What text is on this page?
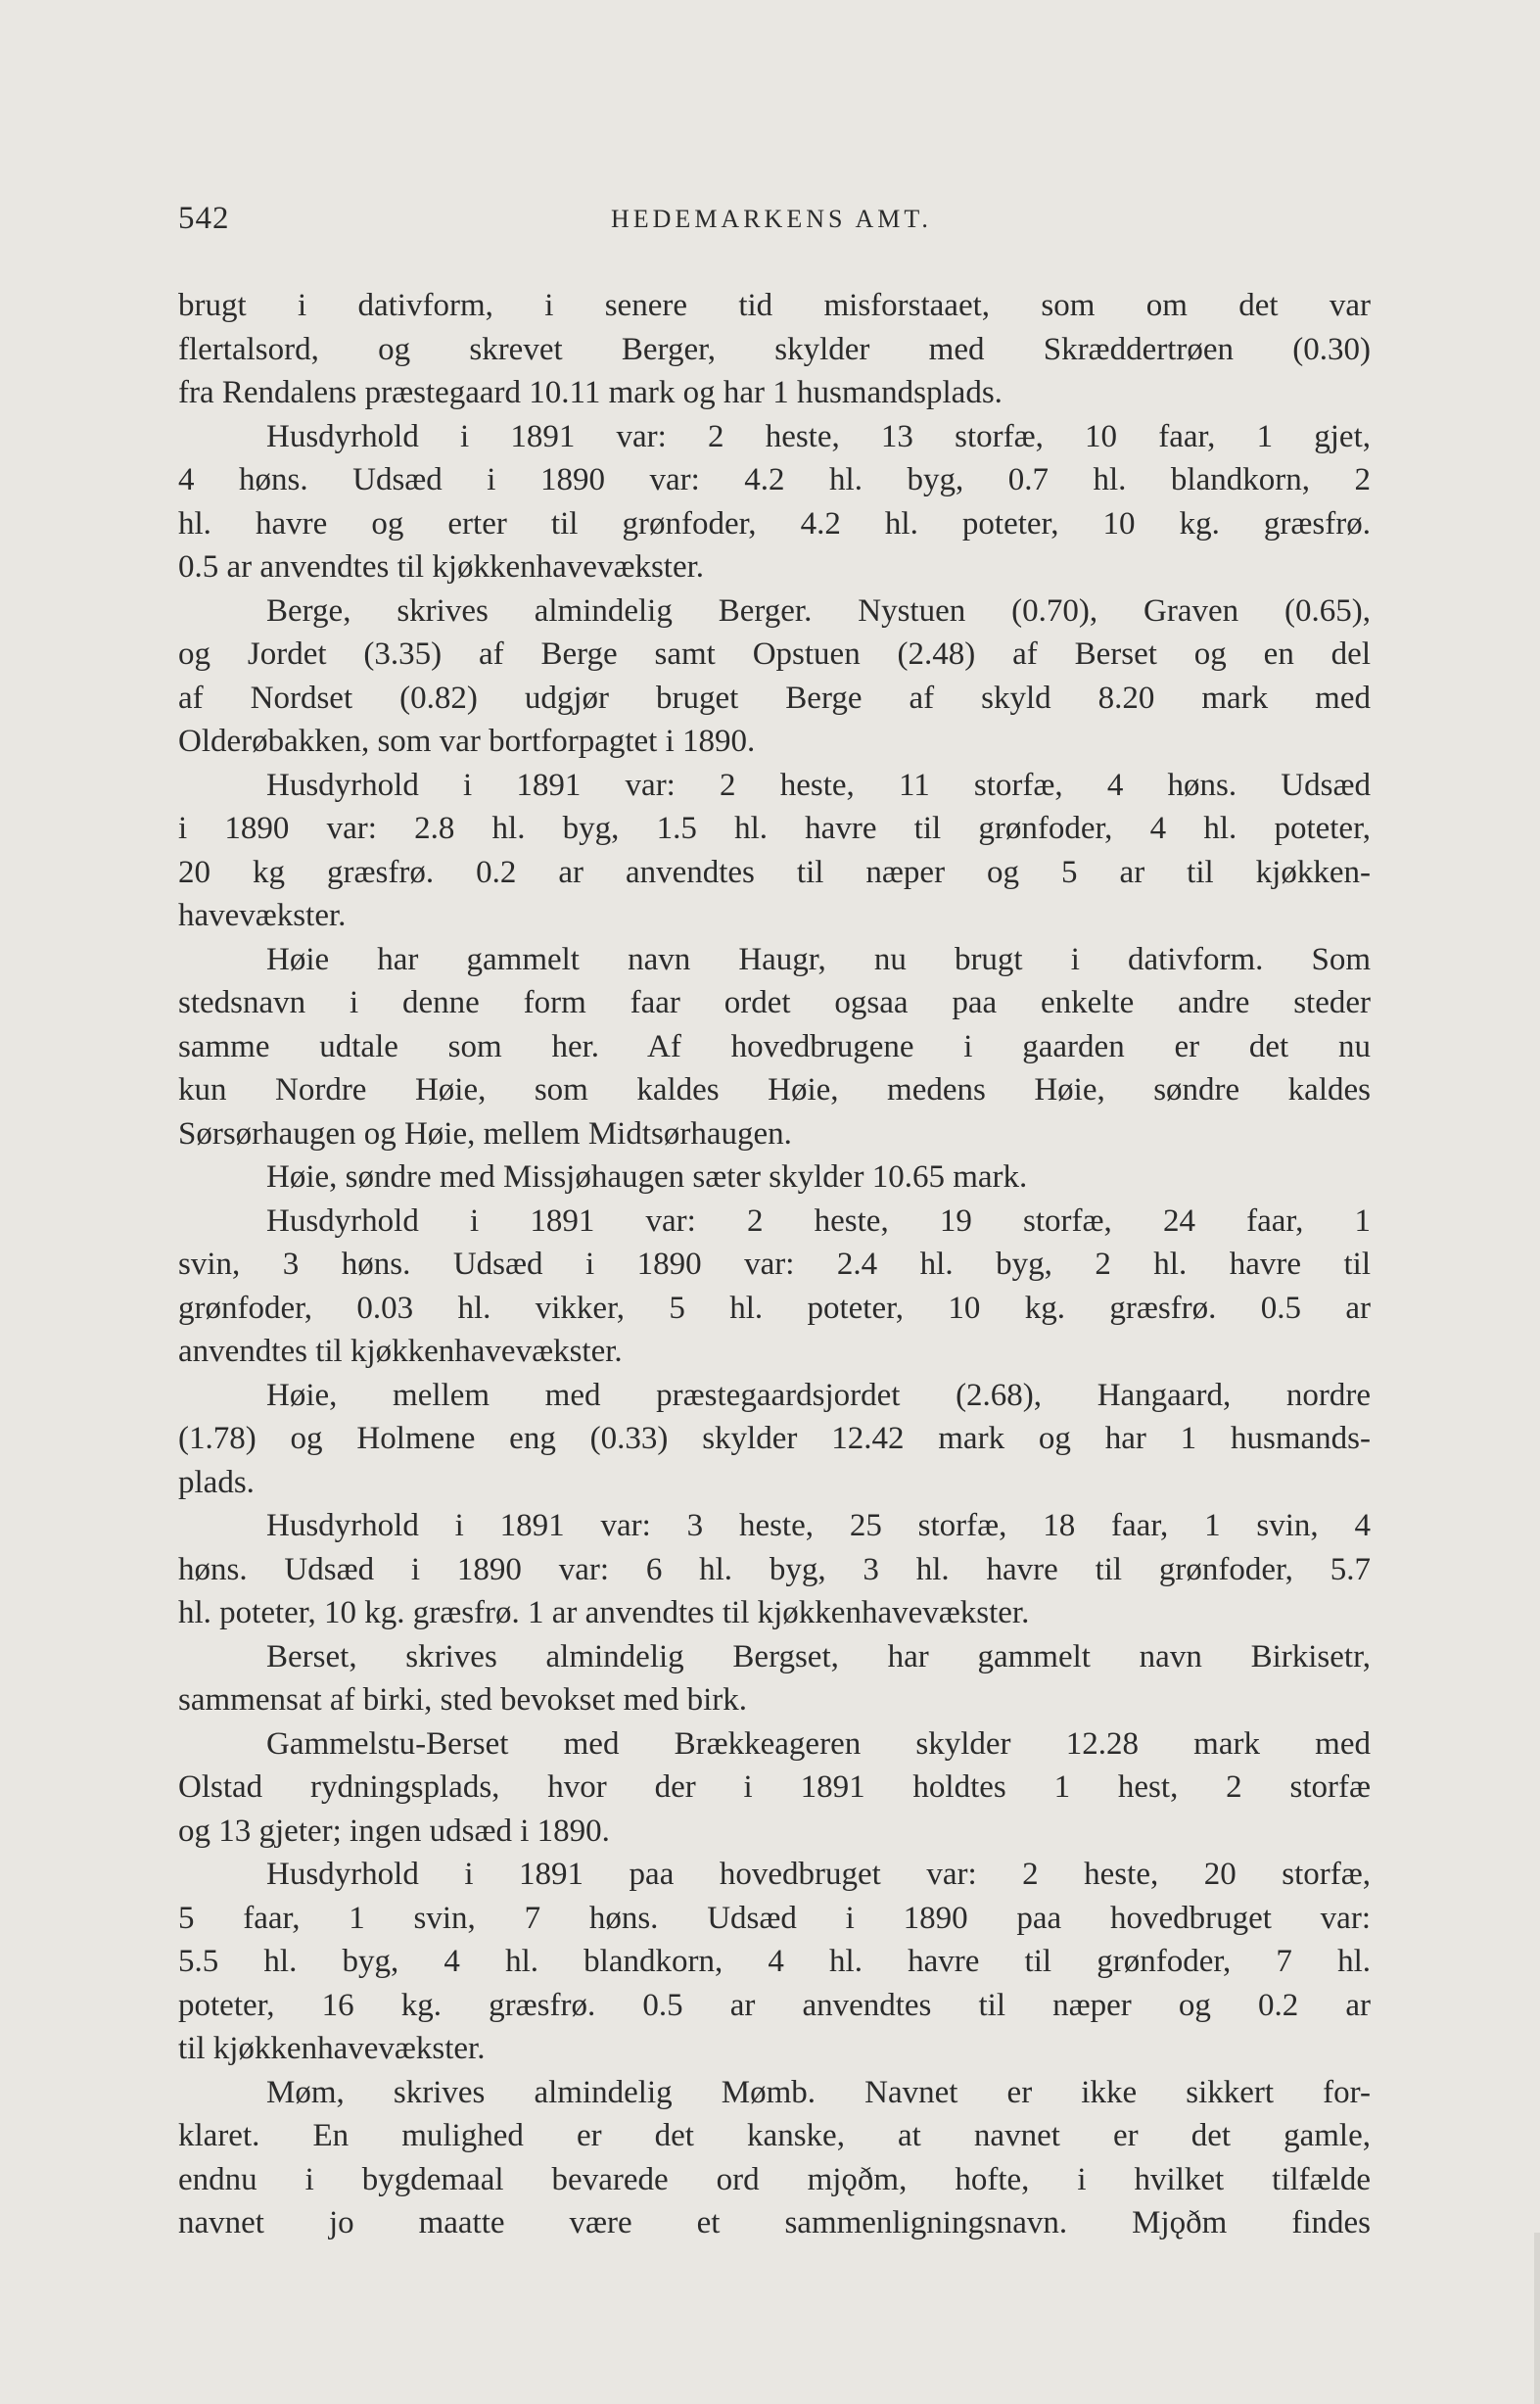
542	HEDEMARKENS AMT.
brugt i dativform, i senere tid misforstaaet, som om det var
flertalsord, og skrevet Berger, skylder med Skræddertrøen (0.30)
fra Rendalens præstegaard 10.11 mark og har 1 husmandsplads.
Husdyrhold i 1891 var: 2 heste, 13 storfæ, 10 faar, 1 gjet,
4 høns. Udsæd i 1890 var: 4.2 hl. byg, 0.7 hl. blandkorn, 2
hl. havre og erter til grønfoder, 4.2 hl. poteter, 10 kg. græsfrø.
0.5 ar anvendtes til kjøkkenhavevækster.
Berge, skrives almindelig Berger. Nystuen (0.70), Graven (0.65),
og Jordet (3.35) af Berge samt Opstuen (2.48) af Berset og en del
af Nordset (0.82) udgjør bruget Berge af skyld 8.20 mark med
Olderøbakken, som var bortforpagtet i 1890.
Husdyrhold i 1891 var: 2 heste, 11 storfæ, 4 høns. Udsæd
i 1890 var: 2.8 hl. byg, 1.5 hl. havre til grønfoder, 4 hl. poteter,
20 kg græsfrø. 0.2 ar anvendtes til næper og 5 ar til kjøkken-
havevækster.
Høie har gammelt navn Haugr, nu brugt i dativform. Som
stedsnavn i denne form faar ordet ogsaa paa enkelte andre steder
samme udtale som her. Af hovedbrugene i gaarden er det nu
kun Nordre Høie, som kaldes Høie, medens Høie, søndre kaldes
Sørsørhaugen og Høie, mellem Midtsørhaugen.
Høie, søndre med Missjøhaugen sæter skylder 10.65 mark.
Husdyrhold i 1891 var: 2 heste, 19 storfæ, 24 faar, 1
svin, 3 høns. Udsæd i 1890 var: 2.4 hl. byg, 2 hl. havre til
grønfoder, 0.03 hl. vikker, 5 hl. poteter, 10 kg. græsfrø. 0.5 ar
anvendtes til kjøkkenhavevækster.
Høie, mellem med præstegaardsjordet (2.68), Hangaard, nordre
(1.78) og Holmene eng (0.33) skylder 12.42 mark og har 1 husmands-
plads.
Husdyrhold i 1891 var: 3 heste, 25 storfæ, 18 faar, 1 svin, 4
høns. Udsæd i 1890 var: 6 hl. byg, 3 hl. havre til grønfoder, 5.7
hl. poteter, 10 kg. græsfrø. 1 ar anvendtes til kjøkkenhavevækster.
Berset, skrives almindelig Bergset, har gammelt navn Birkisetr,
sammensat af birki, sted bevokset med birk.
Gammelstu-Berset med Brækkeageren skylder 12.28 mark med
Olstad rydningsplads, hvor der i 1891 holdtes 1 hest, 2 storfæ
og 13 gjeter; ingen udsæd i 1890.
Husdyrhold i 1891 paa hovedbruget var: 2 heste, 20 storfæ,
5 faar, 1 svin, 7 høns. Udsæd i 1890 paa hovedbruget var:
5.5 hl. byg, 4 hl. blandkorn, 4 hl. havre til grønfoder, 7 hl.
poteter, 16 kg. græsfrø. 0.5 ar anvendtes til næper og 0.2 ar
til kjøkkenhavevækster.
Møm, skrives almindelig Mømb. Navnet er ikke sikkert for-
klaret. En mulighed er det kanske, at navnet er det gamle,
endnu i bygdemaal bevarede ord mjǫðm, hofte, i hvilket tilfælde
navnet jo maatte være et sammenligningsnavn. Mjǫðm findes
